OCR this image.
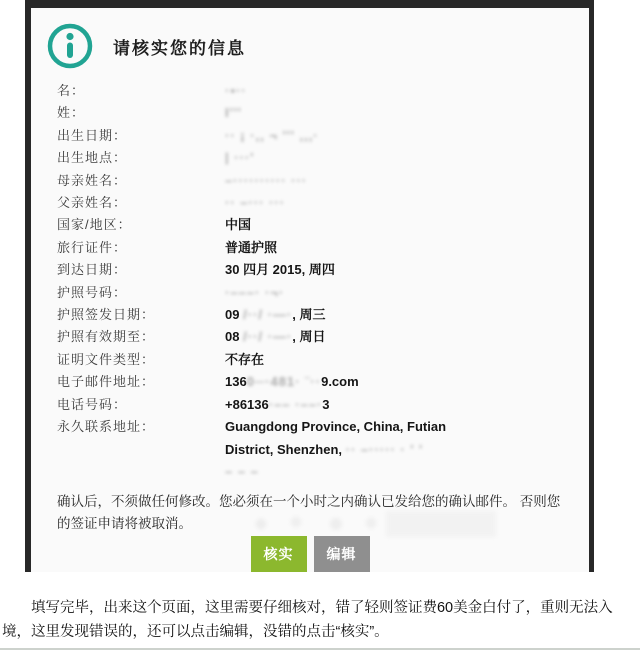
请核实您的信息
名：	·▪··
姓：	I'''
出生日期：	·· ¡ ·,, ¬ ''' ,,,·
出生地点：	| ···'
母亲姓名：	–·········· ···
父亲姓名：	·· –··· ···
国家/地区：	中国
旅行证件：	普通护照
到达日期：	30 四月 2015, 周四
护照号码：	·–––· ·¬·
护照签发日期：	09 /··/ ·—·, 周三
护照有效期至：	08 /··/ ·—·, 周日
证明文件类型：	不存在
电子邮件地址：	1360─·481· ¨··9.com
电话号码：	+86136·–– ·––·3
永久联系地址：	Guangdong Province, China, Futian
District, Shenzhen, ·· –····· · ' '
– – –
确认后，不须做任何修改。您必须在一个小时之内确认已发给您的确认邮件。 否则您的签证申请将被取消。
核实	编辑
填写完毕，出来这个页面，这里需要仔细核对，错了轻则签证费60美金白付了，重则无法入境，这里发现错误的，还可以点击编辑，没错的点击“核实”。
